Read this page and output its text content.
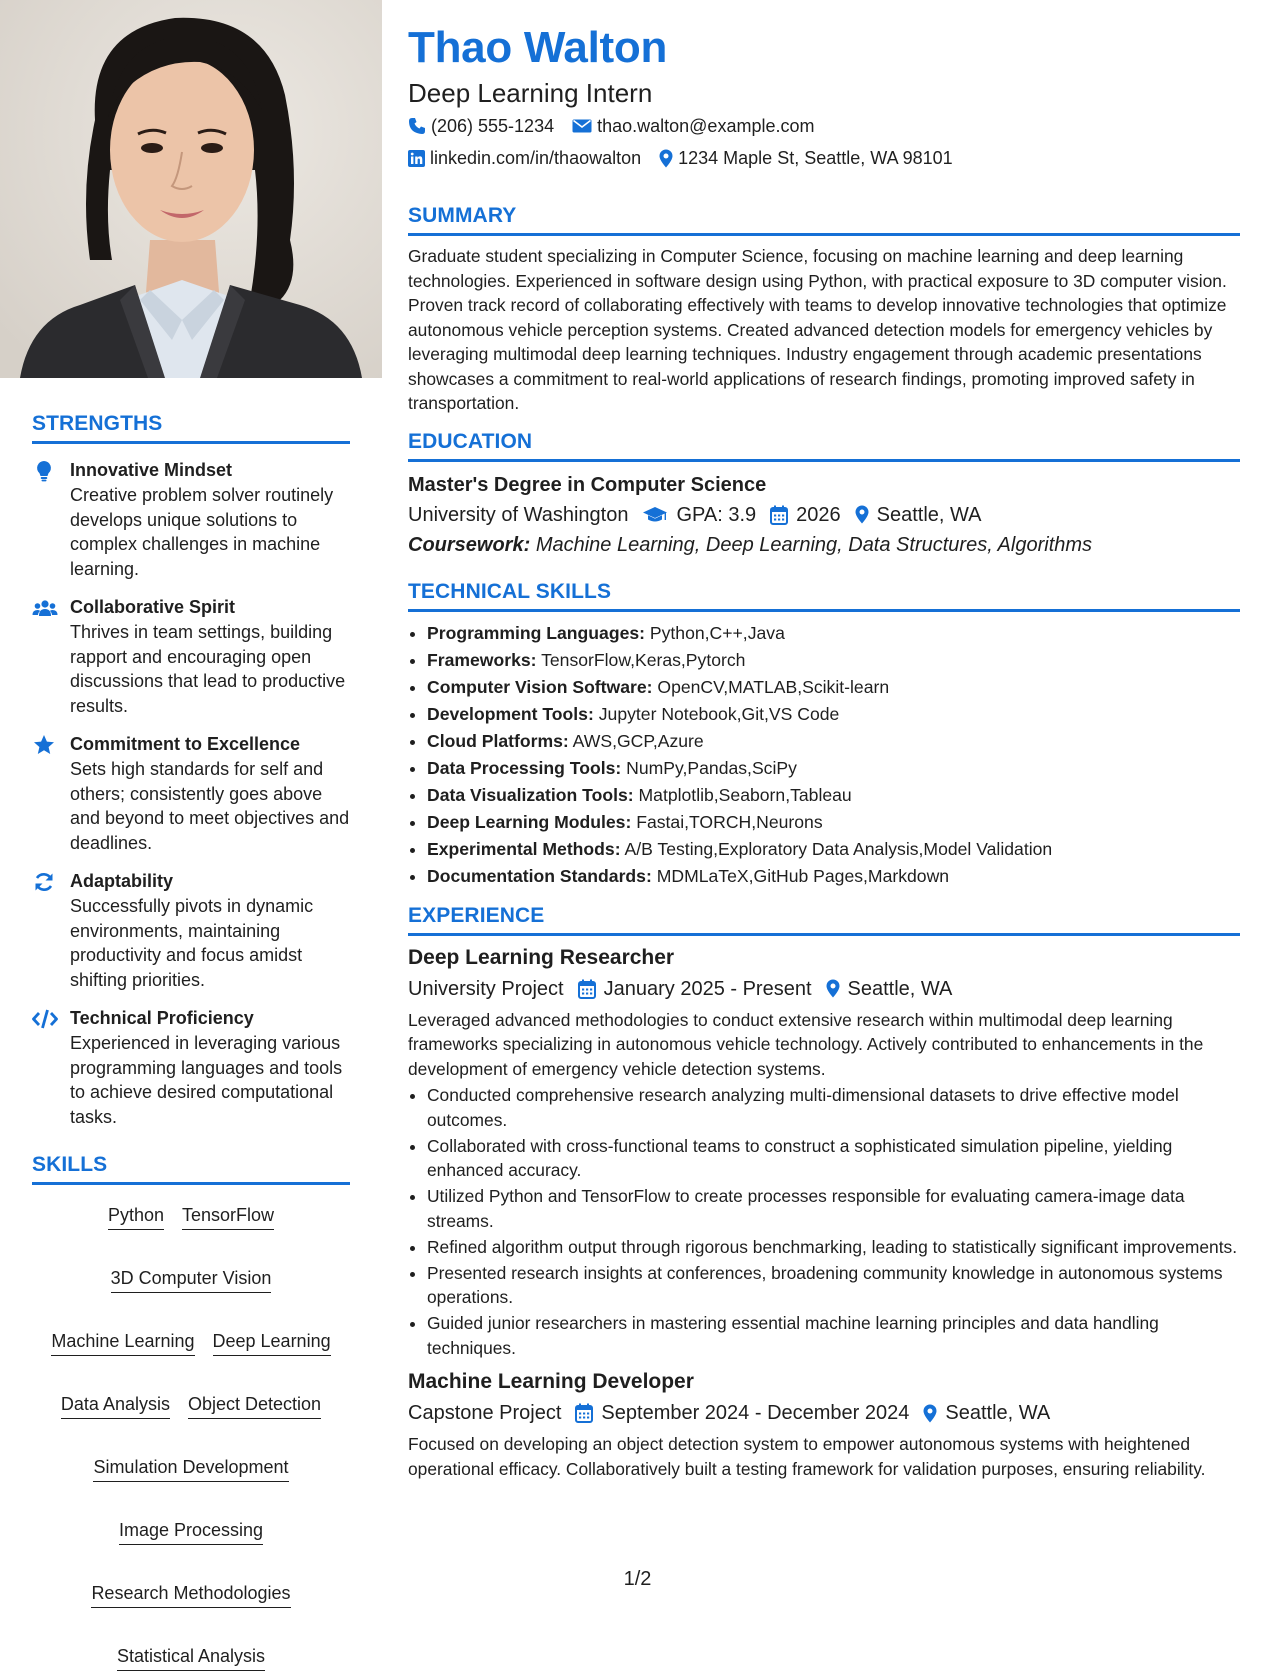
STRENGTHS
Innovative Mindset
Creative problem solver routinely develops unique solutions to complex challenges in machine learning.
Collaborative Spirit
Thrives in team settings, building rapport and encouraging open discussions that lead to productive results.
Commitment to Excellence
Sets high standards for self and others; consistently goes above and beyond to meet objectives and deadlines.
Adaptability
Successfully pivots in dynamic environments, maintaining productivity and focus amidst shifting priorities.
Technical Proficiency
Experienced in leveraging various programming languages and tools to achieve desired computational tasks.
SKILLS
Python TensorFlow
3D Computer Vision
Machine Learning Deep Learning
Data Analysis Object Detection
Simulation Development
Image Processing
Research Methodologies
Statistical Analysis
Thao Walton
Deep Learning Intern
(206) 555-1234 thao.walton@example.com
linkedin.com/in/thaowalton 1234 Maple St, Seattle, WA 98101
SUMMARY
Graduate student specializing in Computer Science, focusing on machine learning and deep learning technologies. Experienced in software design using Python, with practical exposure to 3D computer vision. Proven track record of collaborating effectively with teams to develop innovative technologies that optimize autonomous vehicle perception systems. Created advanced detection models for emergency vehicles by leveraging multimodal deep learning techniques. Industry engagement through academic presentations showcases a commitment to real-world applications of research findings, promoting improved safety in transportation.
EDUCATION
Master's Degree in Computer Science
University of Washington GPA: 3.9 2026 Seattle, WA
Coursework: Machine Learning, Deep Learning, Data Structures, Algorithms
TECHNICAL SKILLS
• Programming Languages: Python,C++,Java
• Frameworks: TensorFlow,Keras,Pytorch
• Computer Vision Software: OpenCV,MATLAB,Scikit-learn
• Development Tools: Jupyter Notebook,Git,VS Code
• Cloud Platforms: AWS,GCP,Azure
• Data Processing Tools: NumPy,Pandas,SciPy
• Data Visualization Tools: Matplotlib,Seaborn,Tableau
• Deep Learning Modules: Fastai,TORCH,Neurons
• Experimental Methods: A/B Testing,Exploratory Data Analysis,Model Validation
• Documentation Standards: MDMLaTeX,GitHub Pages,Markdown
EXPERIENCE
Deep Learning Researcher
University Project January 2025 - Present Seattle, WA
Leveraged advanced methodologies to conduct extensive research within multimodal deep learning frameworks specializing in autonomous vehicle technology. Actively contributed to enhancements in the development of emergency vehicle detection systems.
• Conducted comprehensive research analyzing multi-dimensional datasets to drive effective model outcomes.
• Collaborated with cross-functional teams to construct a sophisticated simulation pipeline, yielding enhanced accuracy.
• Utilized Python and TensorFlow to create processes responsible for evaluating camera-image data streams.
• Refined algorithm output through rigorous benchmarking, leading to statistically significant improvements.
• Presented research insights at conferences, broadening community knowledge in autonomous systems operations.
• Guided junior researchers in mastering essential machine learning principles and data handling techniques.
Machine Learning Developer
Capstone Project September 2024 - December 2024 Seattle, WA
Focused on developing an object detection system to empower autonomous systems with heightened operational efficacy. Collaboratively built a testing framework for validation purposes, ensuring reliability.
1/2
